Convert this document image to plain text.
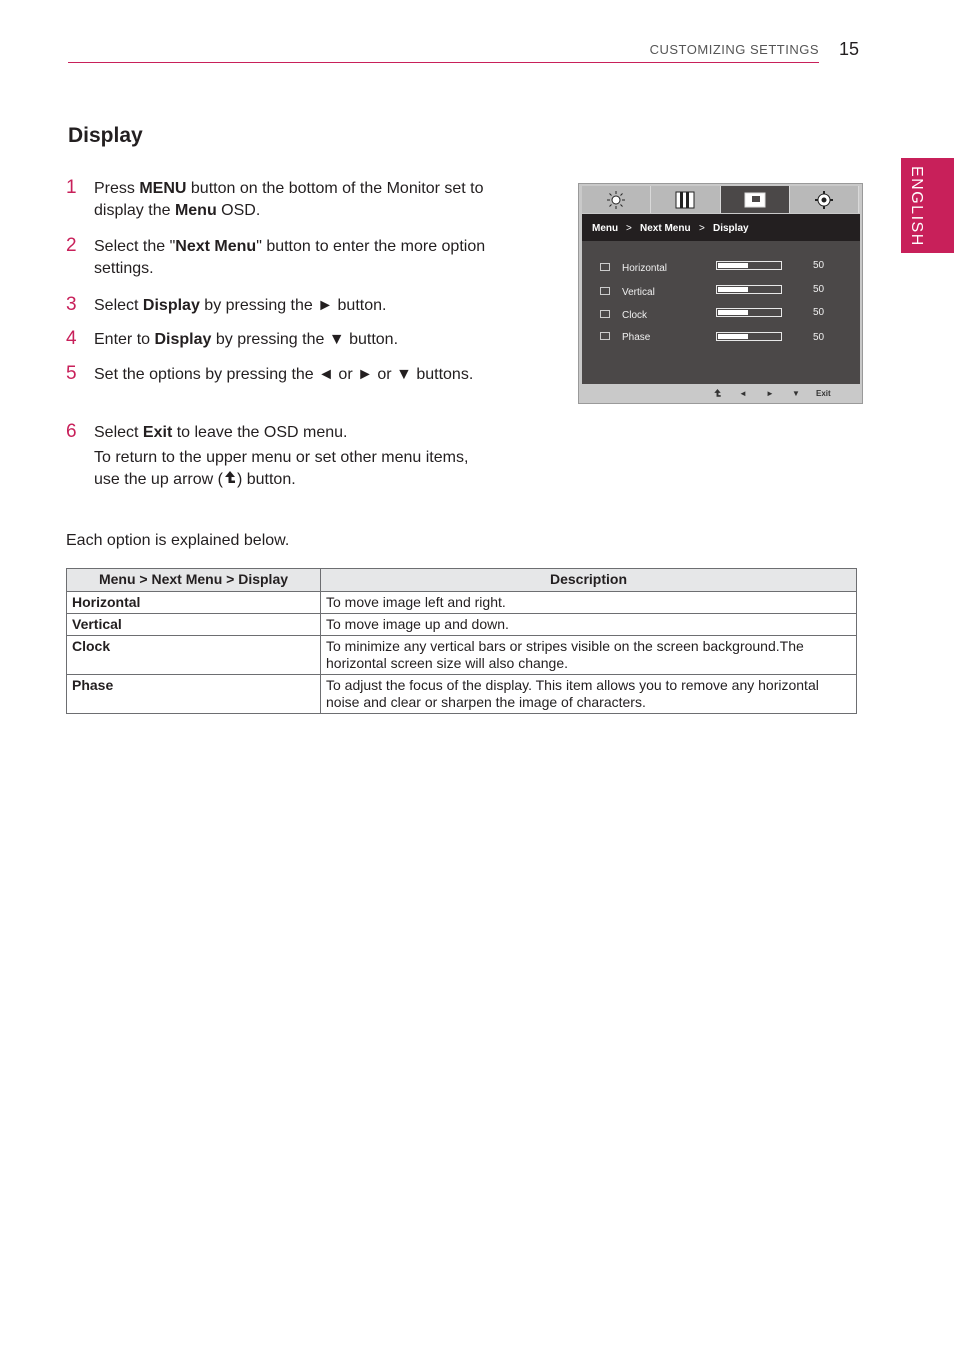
CUSTOMIZING SETTINGS 15
ENGLISH
Display
1 Press MENU button on the bottom of the Monitor set to display the Menu OSD.
2 Select the "Next Menu" button to enter the more option settings.
3 Select Display by pressing the ► button.
4 Enter to Display by pressing the ▼ button.
5 Set the options by pressing the ◄ or ► or ▼ buttons.
6 Select Exit to leave the OSD menu.
To return to the upper menu or set other menu items, use the up arrow ( ) button.
Menu > Next Menu > Display
Horizontal	50
Vertical	50
Clock	50
Phase	50
◄ ► ▼ Exit
Each option is explained below.
Menu > Next Menu > Display	Description
Horizontal	To move image left and right.
Vertical	To move image up and down.
Clock	To minimize any vertical bars or stripes visible on the screen background.The horizontal screen size will also change.
Phase	To adjust the focus of the display. This item allows you to remove any horizontal noise and clear or sharpen the image of characters.
